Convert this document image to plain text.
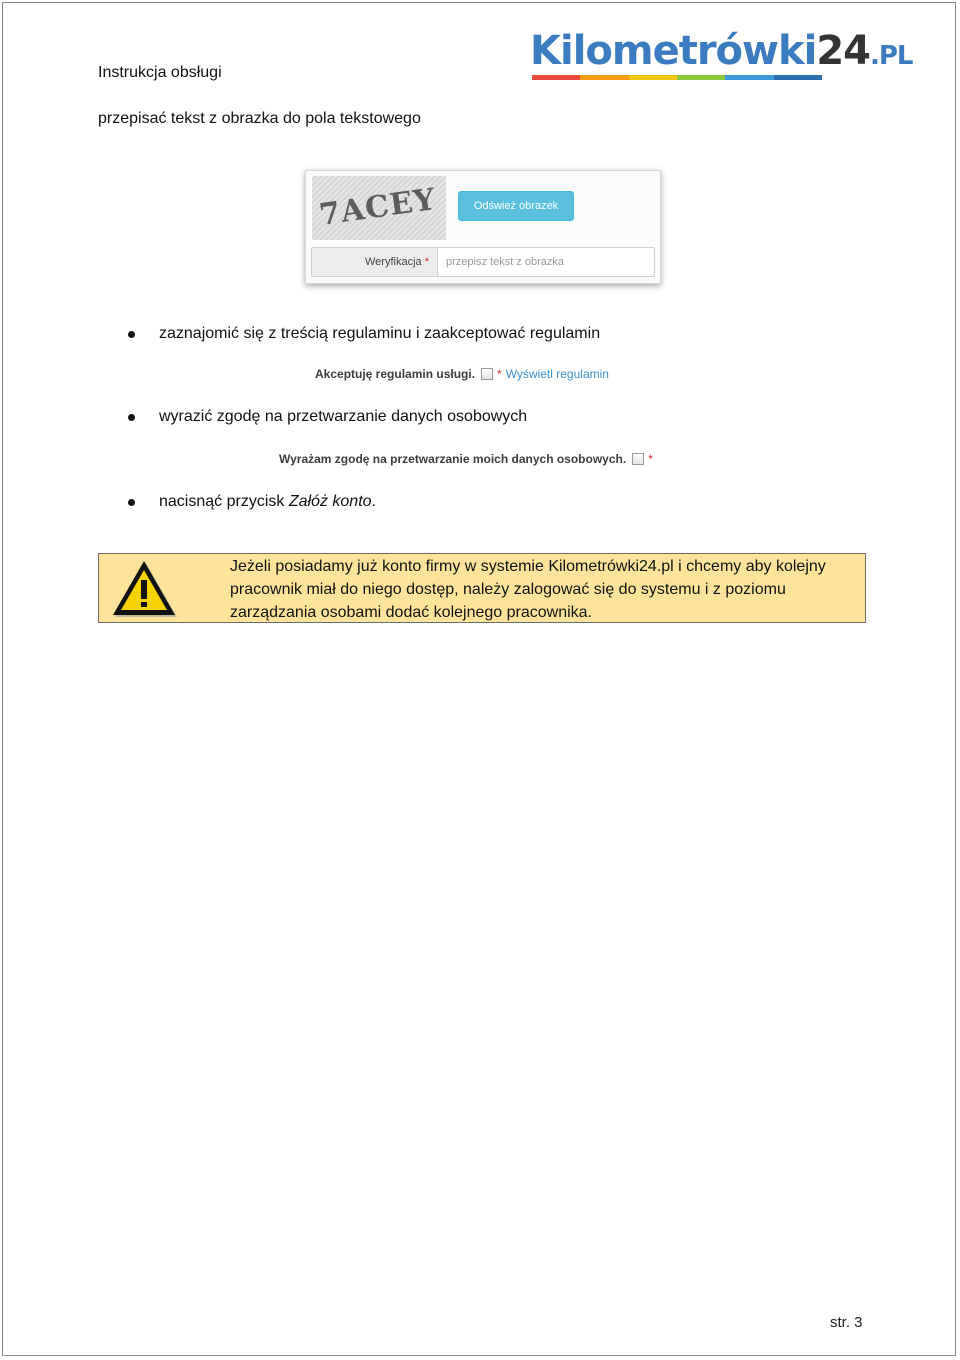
Instrukcja obsługi	Kilometrówki24.PL
przepisać tekst z obrazka do pola tekstowego
7ACEY	Odśwież obrazek
Weryfikacja *	przepisz tekst z obrazka
zaznajomić się z treścią regulaminu i zaakceptować regulamin
Akceptuję regulamin usługi. * Wyświetl regulamin
wyrazić zgodę na przetwarzanie danych osobowych
Wyrażam zgodę na przetwarzanie moich danych osobowych. *
nacisnąć przycisk Załóż konto.
Jeżeli posiadamy już konto firmy w systemie Kilometrówki24.pl i chcemy aby kolejny pracownik miał do niego dostęp, należy zalogować się do systemu i z poziomu zarządzania osobami dodać kolejnego pracownika.
str. 3
